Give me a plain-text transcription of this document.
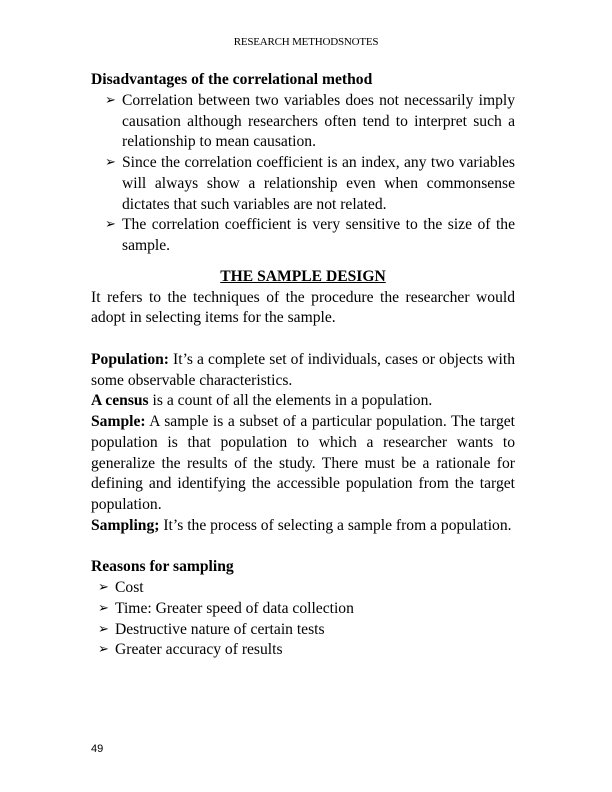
RESEARCH METHODSNOTES
Disadvantages of the correlational method
➢ Correlation between two variables does not necessarily imply causation although researchers often tend to interpret such a relationship to mean causation.
➢ Since the correlation coefficient is an index, any two variables will always show a relationship even when commonsense dictates that such variables are not related.
➢ The correlation coefficient is very sensitive to the size of the sample.
THE SAMPLE DESIGN

It refers to the techniques of the procedure the researcher would adopt in selecting items for the sample.

Population: It’s a complete set of individuals, cases or objects with some observable characteristics.

A census is a count of all the elements in a population.

Sample: A sample is a subset of a particular population. The target population is that population to which a researcher wants to generalize the results of the study. There must be a rationale for defining and identifying the accessible population from the target population.

Sampling; It’s the process of selecting a sample from a population.

Reasons for sampling
➢ Cost
➢ Time: Greater speed of data collection
➢ Destructive nature of certain tests
➢ Greater accuracy of results
49
